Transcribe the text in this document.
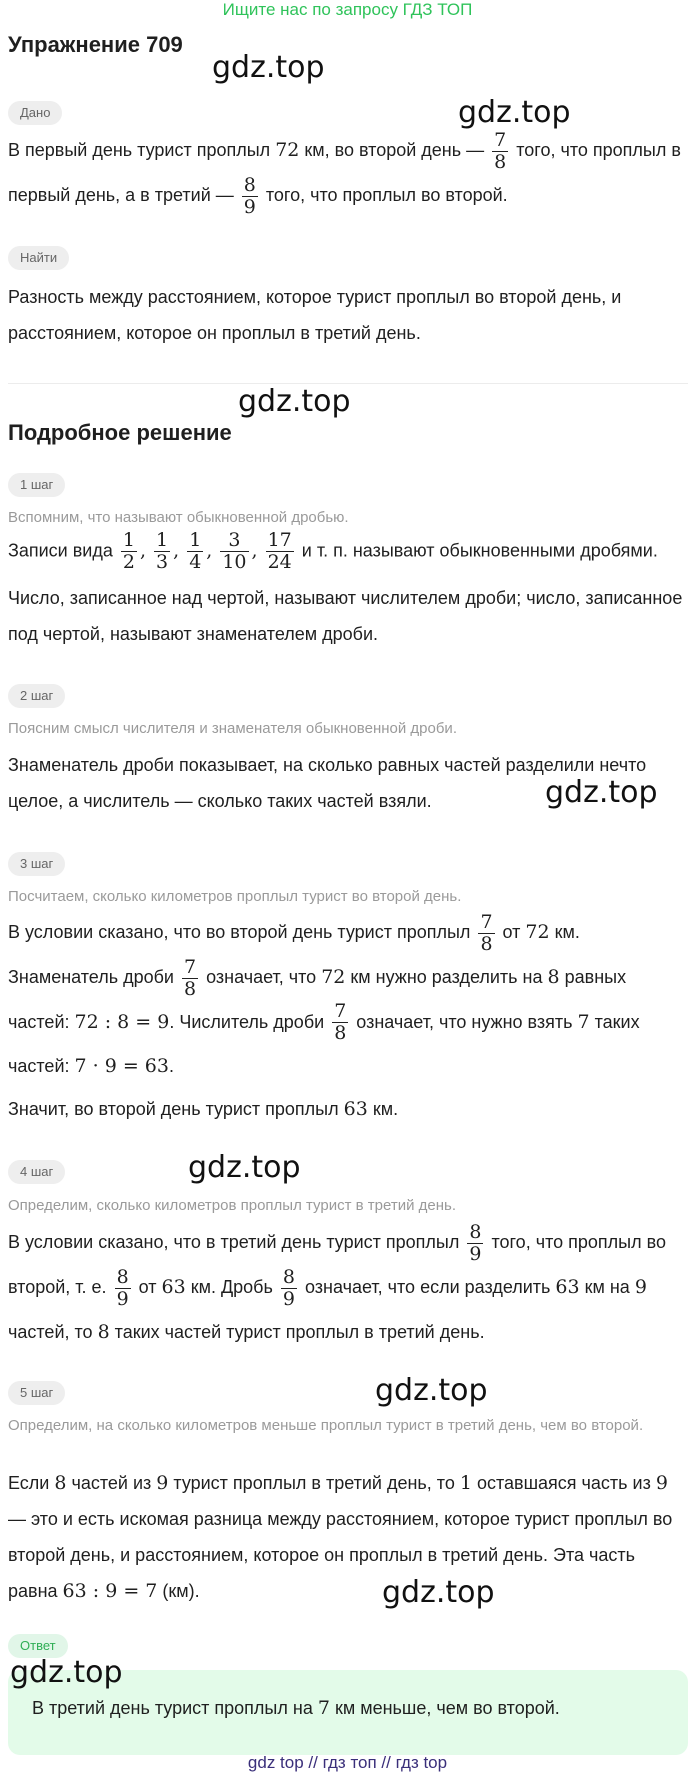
Ищите нас по запросу ГДЗ ТОП
Упражнение 709
gdz.top
gdz.top
Дано
В первый день турист проплыл 72 км, во второй день — $\frac{7}{8}$ того, что проплыл в первый день, а в третий — $\frac{8}{9}$ того, что проплыл во второй.
Найти
Разность между расстоянием, которое турист проплыл во второй день, и расстоянием, которое он проплыл в третий день.
gdz.top
Подробное решение
1 шаг
Вспомним, что называют обыкновенной дробью.
Записи вида $\frac{1}{2}$ , $\frac{1}{3}$ , $\frac{1}{4}$ , $\frac{3}{10}$ , $\frac{17}{24}$ и т. п. называют обыкновенными дробями.
Число, записанное над чертой, называют числителем дроби; число, записанное под чертой, называют знаменателем дроби.
2 шаг
Поясним смысл числителя и знаменателя обыкновенной дроби.
Знаменатель дроби показывает, на сколько равных частей разделили нечто целое, а числитель — сколько таких частей взяли.	gdz.top
3 шаг
Посчитаем, сколько километров проплыл турист во второй день.
В условии сказано, что во второй день турист проплыл $\frac{7}{8}$ от 72 км.
Знаменатель дроби $\frac{7}{8}$ означает, что 72 км нужно разделить на 8 равных частей: 72 : 8 = 9. Числитель дроби $\frac{7}{8}$ означает, что нужно взять 7 таких частей: 7 · 9 = 63.
Значит, во второй день турист проплыл 63 км.
gdz.top
4 шаг
Определим, сколько километров проплыл турист в третий день.
В условии сказано, что в третий день турист проплыл $\frac{8}{9}$ того, что проплыл во второй, т. е. $\frac{8}{9}$ от 63 км. Дробь $\frac{8}{9}$ означает, что если разделить 63 км на 9 частей, то 8 таких частей турист проплыл в третий день.
5 шаг	gdz.top
Определим, на сколько километров меньше проплыл турист в третий день, чем во второй.
Если 8 частей из 9 турист проплыл в третий день, то 1 оставшаяся часть из 9 — это и есть искомая разница между расстоянием, которое турист проплыл во второй день, и расстоянием, которое он проплыл в третий день. Эта часть равна 63 : 9 = 7 (км).	gdz.top
Ответ
gdz.top
В третий день турист проплыл на 7 км меньше, чем во второй.
gdz top // гдз топ // гдз top
